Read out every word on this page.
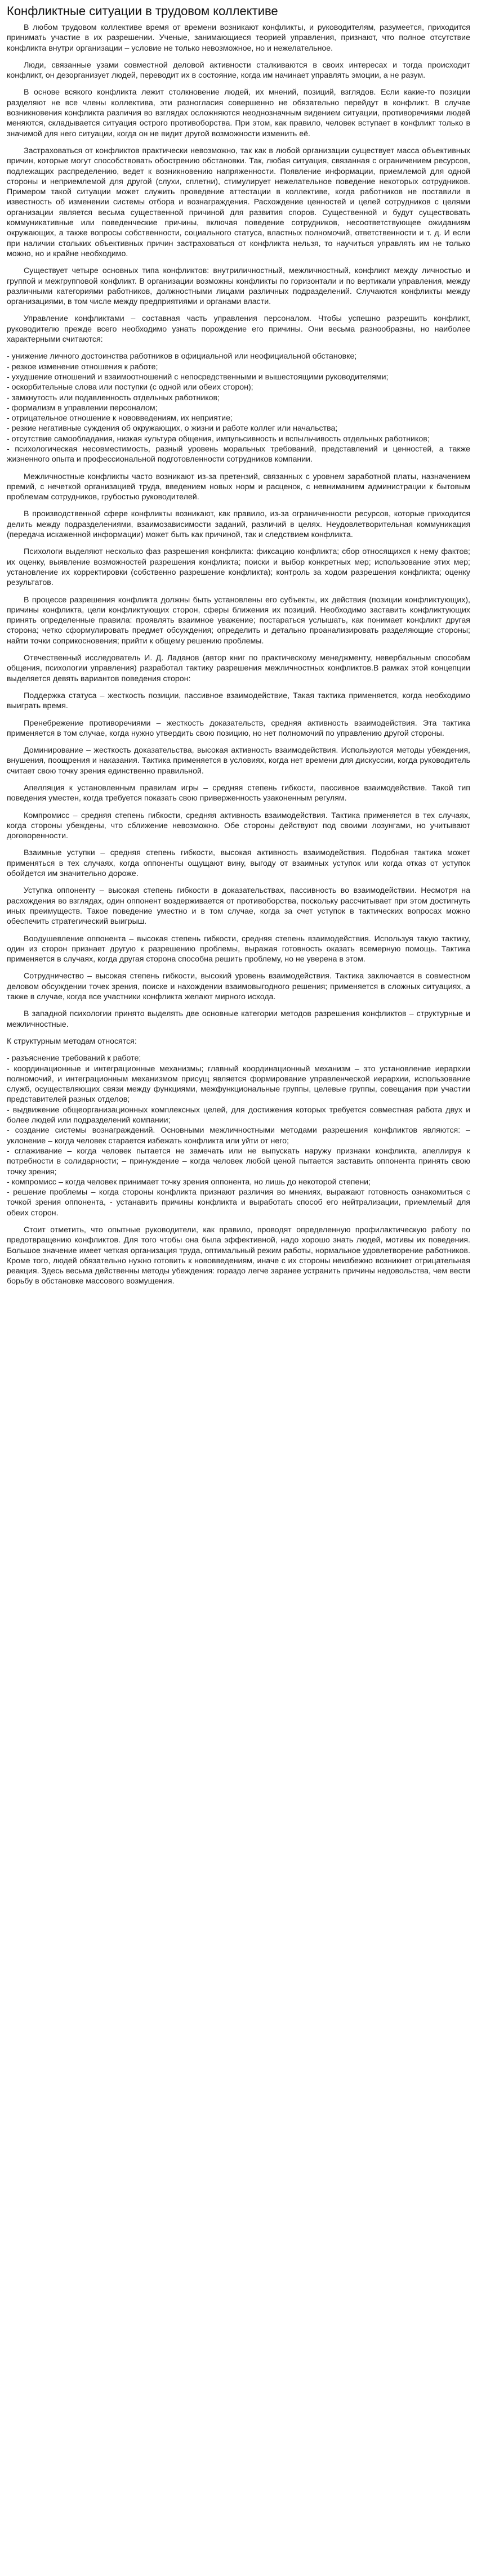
Конфликтные ситуации в трудовом коллективе

В любом трудовом коллективе время от времени возникают конфликты, и руководителям, разумеется, приходится принимать участие в их разрешении. Ученые, занимающиеся теорией управления, признают, что полное отсутствие конфликта внутри организации – условие не только невозможное, но и нежелательное.

Люди, связанные узами совместной деловой активности сталкиваются в своих интересах и тогда происходит конфликт, он дезорганизует людей, переводит их в состояние, когда им начинает управлять эмоции, а не разум.

В основе всякого конфликта лежит столкновение людей, их мнений, позиций, взглядов. Если какие-то позиции разделяют не все члены коллектива, эти разногласия совершенно не обязательно перейдут в конфликт. В случае возникновения конфликта различия во взглядах осложняются неоднозначным видением ситуации, противоречиями людей меняются, складывается ситуация острого противоборства. При этом, как правило, человек вступает в конфликт только в значимой для него ситуации, когда он не видит другой возможности изменить её.

Застраховаться от конфликтов практически невозможно, так как в любой организации существует масса объективных причин, которые могут способствовать обострению обстановки. Так, любая ситуация, связанная с ограничением ресурсов, подлежащих распределению, ведет к возникновению напряженности. Появление информации, приемлемой для одной стороны и неприемлемой для другой (слухи, сплетни), стимулирует нежелательное поведение некоторых сотрудников. Примером такой ситуации может служить проведение аттестации в коллективе, когда работников не поставили в известность об изменении системы отбора и вознаграждения. Расхождение ценностей и целей сотрудников с целями организации является весьма существенной причиной для развития споров. Существенной и будут существовать коммуникативные или поведенческие причины, включая поведение сотрудников, несоответствующее ожиданиям окружающих, а также вопросы собственности, социального статуса, властных полномочий, ответственности и т. д. И если при наличии стольких объективных причин застраховаться от конфликта нельзя, то научиться управлять им не только можно, но и крайне необходимо.

Существует четыре основных типа конфликтов: внутриличностный, межличностный, конфликт между личностью и группой и межгрупповой конфликт. В организации возможны конфликты по горизонтали и по вертикали управления, между различными категориями работников, должностными лицами различных подразделений. Случаются конфликты между организациями, в том числе между предприятиями и органами власти.

Управление конфликтами – составная часть управления персоналом. Чтобы успешно разрешить конфликт, руководителю прежде всего необходимо узнать порождение его причины. Они весьма разнообразны, но наиболее характерными считаются:

- унижение личного достоинства работников в официальной или неофициальной обстановке;
- резкое изменение отношения к работе;
- ухудшение отношений и взаимоотношений с непосредственными и вышестоящими руководителями;
- оскорбительные слова или поступки (с одной или обеих сторон);
- замкнутость или подавленность отдельных работников;
- формализм в управлении персоналом;
- отрицательное отношение к нововведениям, их неприятие;
- резкие негативные суждения об окружающих, о жизни и работе коллег или начальства;
- отсутствие самообладания, низкая культура общения, импульсивность и вспыльчивость отдельных работников;
- психологическая несовместимость, разный уровень моральных требований, представлений и ценностей, а также жизненного опыта и профессиональной подготовленности сотрудников компании.

Межличностные конфликты часто возникают из-за претензий, связанных с уровнем заработной платы, назначением премий, с нечеткой организацией труда, введением новых норм и расценок, с невниманием администрации к бытовым проблемам сотрудников, грубостью руководителей.

В производственной сфере конфликты возникают, как правило, из-за ограниченности ресурсов, которые приходится делить между подразделениями, взаимозависимости заданий, различий в целях. Неудовлетворительная коммуникация (передача искаженной информации) может быть как причиной, так и следствием конфликта.

Психологи выделяют несколько фаз разрешения конфликта: фиксацию конфликта; сбор относящихся к нему фактов; их оценку, выявление возможностей разрешения конфликта; поиски и выбор конкретных мер; использование этих мер; установление их корректировки (собственно разрешение конфликта); контроль за ходом разрешения конфликта; оценку результатов.

В процессе разрешения конфликта должны быть установлены его субъекты, их действия (позиции конфликтующих), причины конфликта, цели конфликтующих сторон, сферы ближения их позиций. Необходимо заставить конфликтующих принять определенные правила: проявлять взаимное уважение; постараться услышать, как понимает конфликт другая сторона; четко сформулировать предмет обсуждения; определить и детально проанализировать разделяющие стороны; найти точки соприкосновения; прийти к общему решению проблемы.

Отечественный исследователь И. Д. Ладанов (автор книг по практическому менеджменту, невербальным способам общения, психологии управления) разработал тактику разрешения межличностных конфликтов.В рамках этой концепции выделяется девять вариантов поведения сторон:

Поддержка статуса – жесткость позиции, пассивное взаимодействие, Такая тактика применяется, когда необходимо выиграть время.

Пренебрежение противоречиями – жесткость доказательств, средняя активность взаимодействия. Эта тактика применяется в том случае, когда нужно утвердить свою позицию, но нет полномочий по управлению другой стороны.

Доминирование – жесткость доказательства, высокая активность взаимодействия. Используются методы убеждения, внушения, поощрения и наказания. Тактика применяется в условиях, когда нет времени для дискуссии, когда руководитель считает свою точку зрения единственно правильной.

Апелляция к установленным правилам игры – средняя степень гибкости, пассивное взаимодействие. Такой тип поведения уместен, когда требуется показать свою приверженность узаконенным регулям.

Компромисс – средняя степень гибкости, средняя активность взаимодействия. Тактика применяется в тех случаях, когда стороны убеждены, что сближение невозможно. Обе стороны действуют под своими лозунгами, но учитывают договоренности.

Взаимные уступки – средняя степень гибкости, высокая активность взаимодействия. Подобная тактика может применяться в тех случаях, когда оппоненты ощущают вину, выгоду от взаимных уступок или когда отказ от уступок обойдется им значительно дороже.

Уступка оппоненту – высокая степень гибкости в доказательствах, пассивность во взаимодействии. Несмотря на расхождения во взглядах, один оппонент воздерживается от противоборства, поскольку рассчитывает при этом достигнуть иных преимуществ. Такое поведение уместно и в том случае, когда за счет уступок в тактических вопросах можно обеспечить стратегический выигрыш.

Воодушевление оппонента – высокая степень гибкости, средняя степень взаимодействия. Используя такую тактику, один из сторон признает другую к разрешению проблемы, выражая готовность оказать всемерную помощь. Тактика применяется в случаях, когда другая сторона способна решить проблему, но не уверена в этом.

Сотрудничество – высокая степень гибкости, высокий уровень взаимодействия. Тактика заключается в совместном деловом обсуждении точек зрения, поиске и нахождении взаимовыгодного решения; применяется в сложных ситуациях, а также в случае, когда все участники конфликта желают мирного исхода.

В западной психологии принято выделять две основные категории методов разрешения конфликтов – структурные и межличностные.

К структурным методам относятся:

- разъяснение требований к работе;
- координационные и интеграционные механизмы; главный координационный механизм – это установление иерархии полномочий, и интеграционным механизмом присущ является формирование управленческой иерархии, использование служб, осуществляющих связи между функциями, межфункциональные группы, целевые группы, совещания при участии представителей разных отделов;
- выдвижение общеорганизационных комплексных целей, для достижения которых требуется совместная работа двух и более людей или подразделений компании;
- создание системы вознаграждений. Основными межличностными методами разрешения конфликтов являются: – уклонение – когда человек старается избежать конфликта или уйти от него;
- сглаживание – когда человек пытается не замечать или не выпускать наружу признаки конфликта, апеллируя к потребности в солидарности; – принуждение – когда человек любой ценой пытается заставить оппонента принять свою точку зрения;
- компромисс – когда человек принимает точку зрения оппонента, но лишь до некоторой степени;
- решение проблемы – когда стороны конфликта признают различия во мнениях, выражают готовность ознакомиться с точкой зрения оппонента, - устанавить причины конфликта и выработать способ его нейтрализации, приемлемый для обеих сторон.

Стоит отметить, что опытные руководители, как правило, проводят определенную профилактическую работу по предотвращению конфликтов. Для того чтобы она была эффективной, надо хорошо знать людей, мотивы их поведения. Большое значение имеет четкая организация труда, оптимальный режим работы, нормальное удовлетворение работников. Кроме того, людей обязательно нужно готовить к нововведениям, иначе с их стороны неизбежно возникнет отрицательная реакция. Здесь весьма действенны методы убеждения: гораздо легче заранее устранить причины недовольства, чем вести борьбу в обстановке массового возмущения.
